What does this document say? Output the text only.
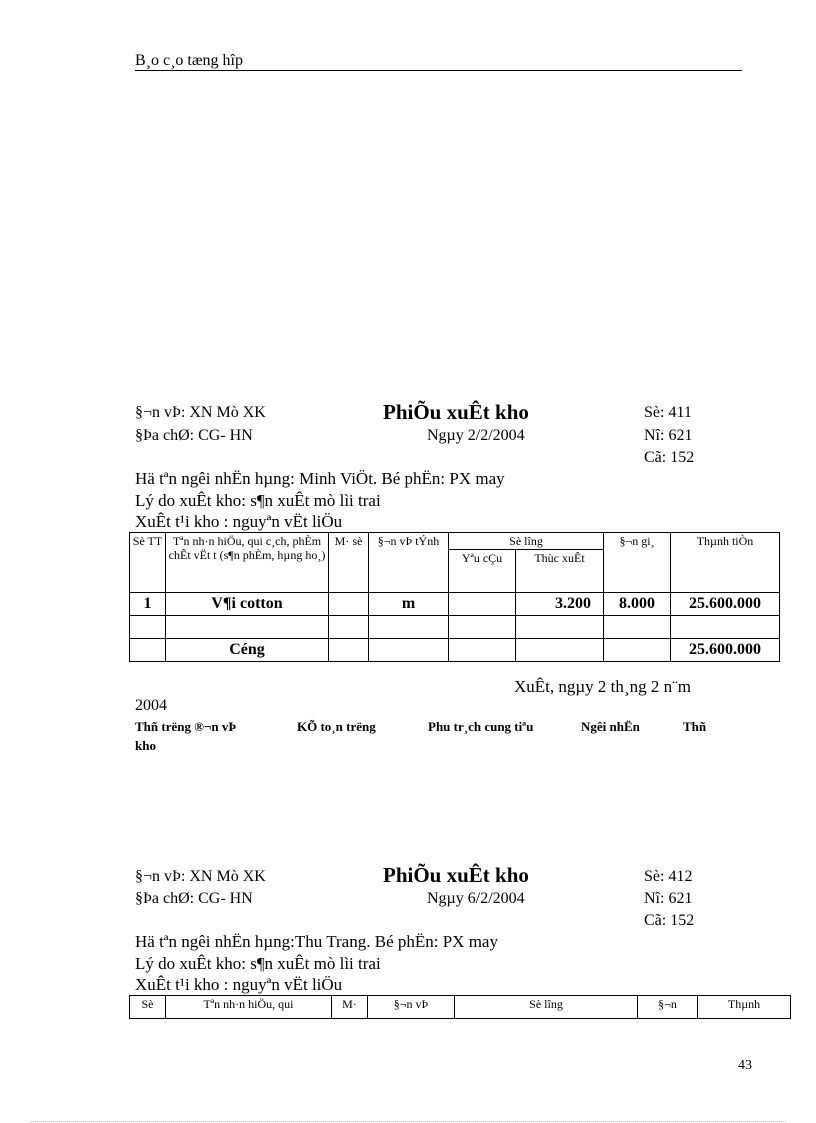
B¸o c¸o tæng hîp
§¬n vÞ: XN Mò XK	PhiÕu xuÊt kho	Sè: 411
§Þa chØ: CG- HN	Ngµy 2/2/2004	Nî: 621
Cã: 152
Hä tªn ngêi nhËn hµng: Minh ViÖt. Bé phËn: PX may
Lý do xuÊt kho: s¶n xuÊt mò lìi trai
XuÊt t¹i kho : nguyªn vËt liÖu
Sè TT	Tªn nh·n hiÖu, qui c¸ch, phÈm chÊt vËt t (s¶n phÈm, hµng ho¸)	M· sè	§¬n vÞ tÝnh	Sè lîng		§¬n gi¸	Thµnh tiÒn
				Yªu cÇu	Thùc xuÊt		
1	V¶i cotton		m		3.200	8.000	25.600.000

	Céng						25.600.000
XuÊt, ngµy 2 th¸ng 2 n¨m
2004
Thñ trëng ®¬n vÞ	KÕ to¸n trëng	Phu tr¸ch cung tiªu	Ngêi nhËn	Thñ
kho
§¬n vÞ: XN Mò XK	PhiÕu xuÊt kho	Sè: 412
§Þa chØ: CG- HN	Ngµy 6/2/2004	Nî: 621
Cã: 152
Hä tªn ngêi nhËn hµng:Thu Trang. Bé phËn: PX may
Lý do xuÊt kho: s¶n xuÊt mò lìi trai
XuÊt t¹i kho : nguyªn vËt liÖu
Sè	Tªn nh·n hiÖu, qui	M·	§¬n vÞ	Sè lîng	§¬n	Thµnh
43
